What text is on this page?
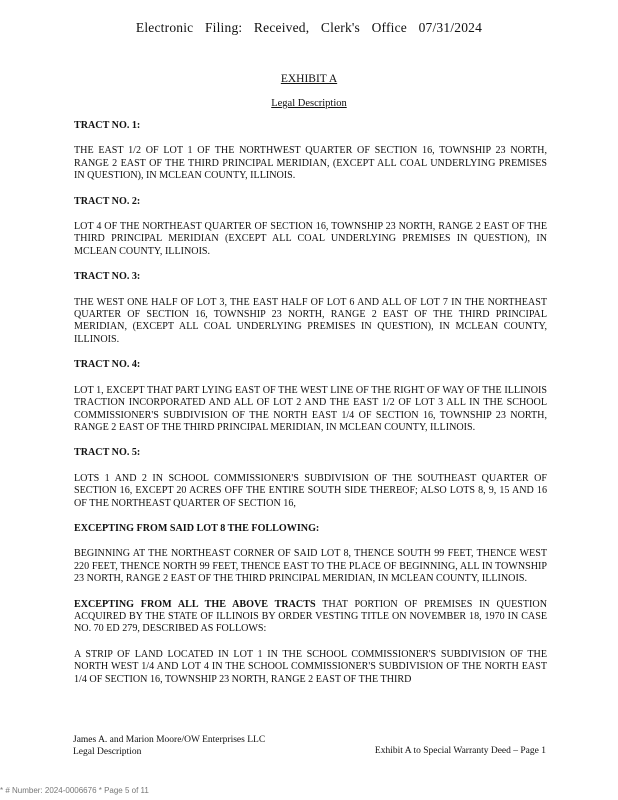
Electronic Filing: Received, Clerk's Office 07/31/2024
EXHIBIT A
Legal Description

TRACT NO. 1:

THE EAST 1/2 OF LOT 1 OF THE NORTHWEST QUARTER OF SECTION 16, TOWNSHIP 23 NORTH, RANGE 2 EAST OF THE THIRD PRINCIPAL MERIDIAN, (EXCEPT ALL COAL UNDERLYING PREMISES IN QUESTION), IN MCLEAN COUNTY, ILLINOIS.

TRACT NO. 2:

LOT 4 OF THE NORTHEAST QUARTER OF SECTION 16, TOWNSHIP 23 NORTH, RANGE 2 EAST OF THE THIRD PRINCIPAL MERIDIAN (EXCEPT ALL COAL UNDERLYING PREMISES IN QUESTION), IN MCLEAN COUNTY, ILLINOIS.

TRACT NO. 3:

THE WEST ONE HALF OF LOT 3, THE EAST HALF OF LOT 6 AND ALL OF LOT 7 IN THE NORTHEAST QUARTER OF SECTION 16, TOWNSHIP 23 NORTH, RANGE 2 EAST OF THE THIRD PRINCIPAL MERIDIAN, (EXCEPT ALL COAL UNDERLYING PREMISES IN QUESTION), IN MCLEAN COUNTY, ILLINOIS.

TRACT NO. 4:

LOT 1, EXCEPT THAT PART LYING EAST OF THE WEST LINE OF THE RIGHT OF WAY OF THE ILLINOIS TRACTION INCORPORATED AND ALL OF LOT 2 AND THE EAST 1/2 OF LOT 3 ALL IN THE SCHOOL COMMISSIONER'S SUBDIVISION OF THE NORTH EAST 1/4 OF SECTION 16, TOWNSHIP 23 NORTH, RANGE 2 EAST OF THE THIRD PRINCIPAL MERIDIAN, IN MCLEAN COUNTY, ILLINOIS.

TRACT NO. 5:

LOTS 1 AND 2 IN SCHOOL COMMISSIONER'S SUBDIVISION OF THE SOUTHEAST QUARTER OF SECTION 16, EXCEPT 20 ACRES OFF THE ENTIRE SOUTH SIDE THEREOF; ALSO LOTS 8, 9, 15 AND 16 OF THE NORTHEAST QUARTER OF SECTION 16,

EXCEPTING FROM SAID LOT 8 THE FOLLOWING:

BEGINNING AT THE NORTHEAST CORNER OF SAID LOT 8, THENCE SOUTH 99 FEET, THENCE WEST 220 FEET, THENCE NORTH 99 FEET, THENCE EAST TO THE PLACE OF BEGINNING, ALL IN TOWNSHIP 23 NORTH, RANGE 2 EAST OF THE THIRD PRINCIPAL MERIDIAN, IN MCLEAN COUNTY, ILLINOIS.

EXCEPTING FROM ALL THE ABOVE TRACTS THAT PORTION OF PREMISES IN QUESTION ACQUIRED BY THE STATE OF ILLINOIS BY ORDER VESTING TITLE ON NOVEMBER 18, 1970 IN CASE NO. 70 ED 279, DESCRIBED AS FOLLOWS:

A STRIP OF LAND LOCATED IN LOT 1 IN THE SCHOOL COMMISSIONER'S SUBDIVISION OF THE NORTH WEST 1/4 AND LOT 4 IN THE SCHOOL COMMISSIONER'S SUBDIVISION OF THE NORTH EAST 1/4 OF SECTION 16, TOWNSHIP 23 NORTH, RANGE 2 EAST OF THE THIRD

James A. and Marion Moore/OW Enterprises LLC
Legal Description	Exhibit A to Special Warranty Deed – Page 1
* # Number: 2024-0006676 * Page 5 of 11
